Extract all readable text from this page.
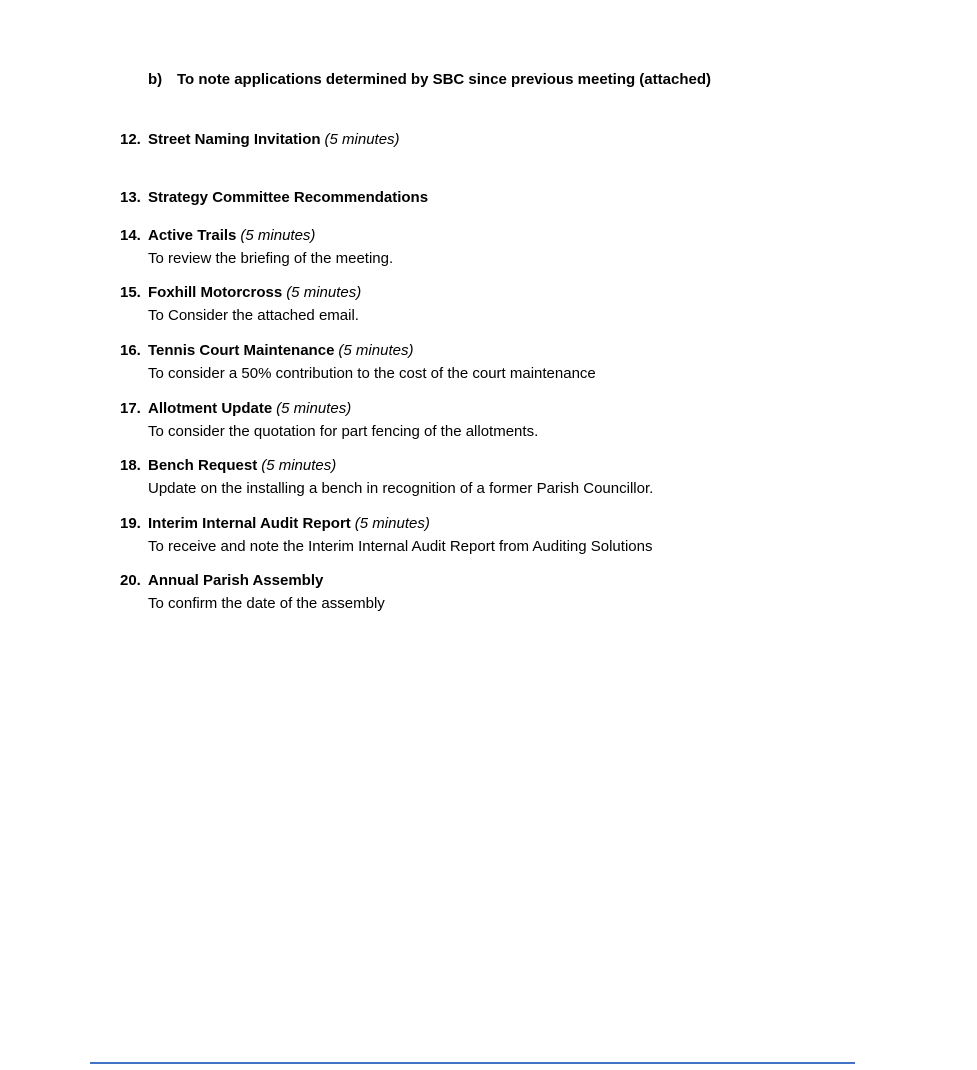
b) To note applications determined by SBC since previous meeting (attached)
12. Street Naming Invitation (5 minutes)
13. Strategy Committee Recommendations
14. Active Trails (5 minutes)
To review the briefing of the meeting.
15. Foxhill Motorcross (5 minutes)
To Consider the attached email.
16. Tennis Court Maintenance (5 minutes)
To consider a 50% contribution to the cost of the court maintenance
17. Allotment Update (5 minutes)
To consider the quotation for part fencing of the allotments.
18. Bench Request (5 minutes)
Update on the installing a bench in recognition of a former Parish Councillor.
19. Interim Internal Audit Report (5 minutes)
To receive and note the Interim Internal Audit Report from Auditing Solutions
20. Annual Parish Assembly
To confirm the date of the assembly
